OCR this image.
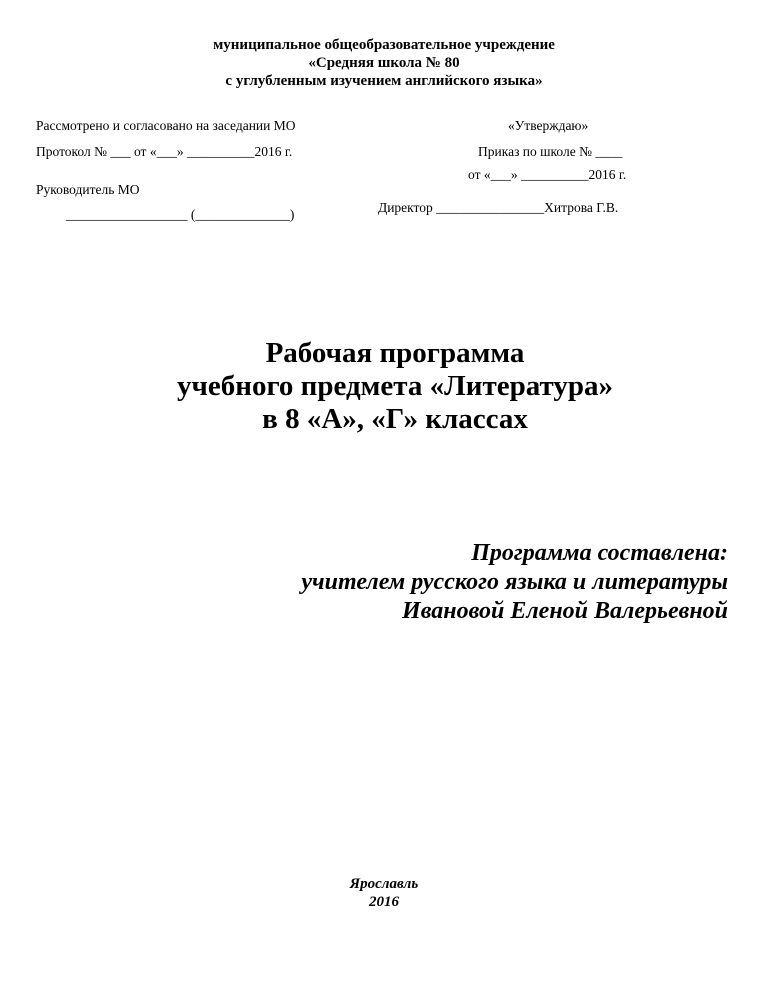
муниципальное общеобразовательное учреждение
«Средняя школа № 80
с углубленным изучением английского языка»
Рассмотрено и согласовано на заседании МО
Протокол № ___ от «___» __________2016 г.
Руководитель МО
__________________ (______________)
«Утверждаю»
Приказ по школе № ____
от «___» __________2016 г.
Директор ________________Хитрова Г.В.
Рабочая программа
учебного предмета «Литература»
в 8 «А», «Г» классах
Программа составлена:
учителем русского языка и литературы
Ивановой Еленой Валерьевной
Ярославль
2016
